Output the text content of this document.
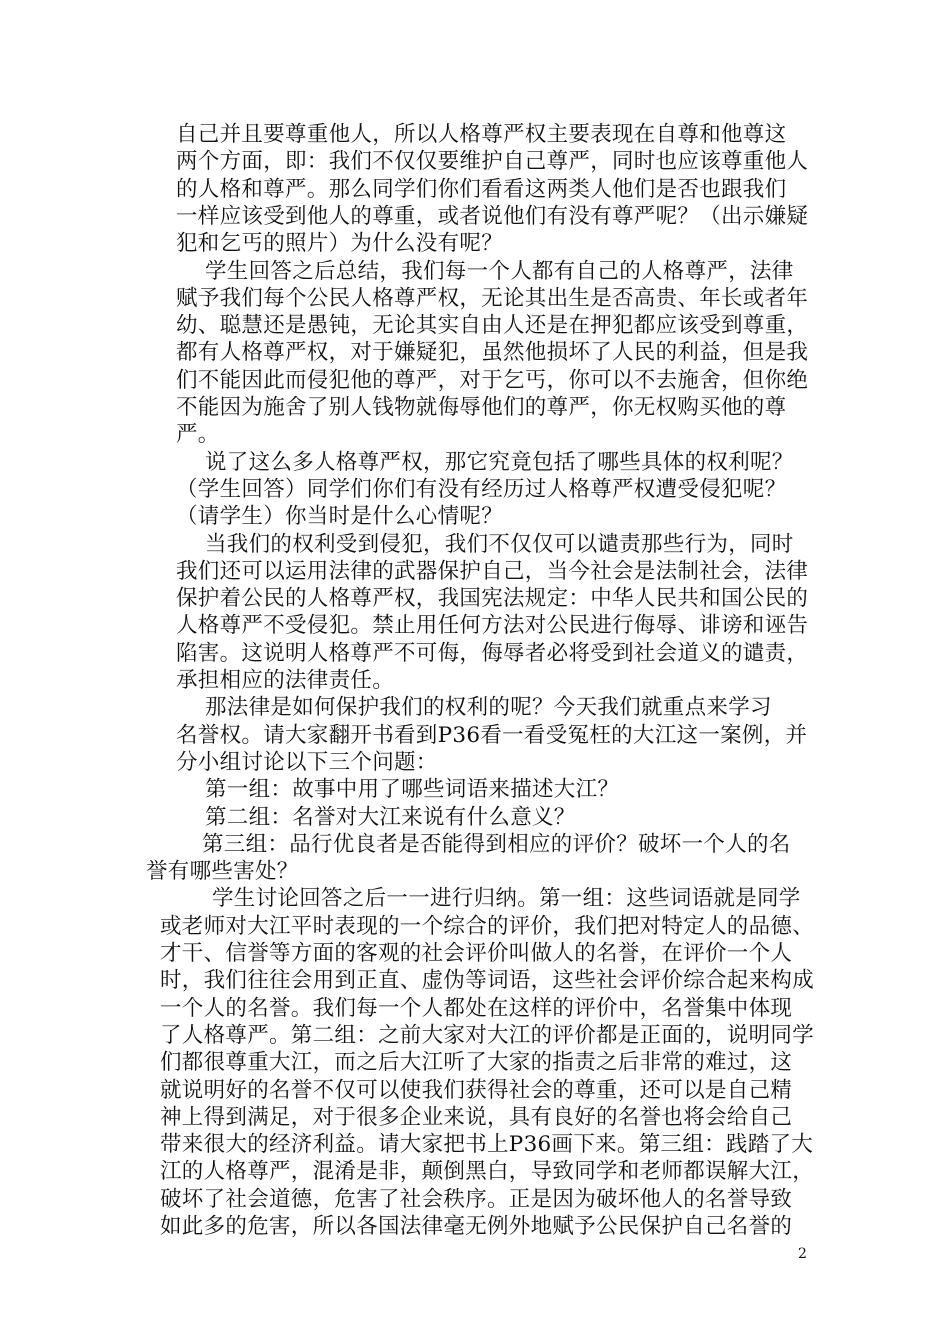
自己并且要尊重他人，所以人格尊严权主要表现在自尊和他尊这
两个方面，即：我们不仅仅要维护自己尊严，同时也应该尊重他人
的人格和尊严。那么同学们你们看看这两类人他们是否也跟我们
一样应该受到他人的尊重，或者说他们有没有尊严呢？（出示嫌疑
犯和乞丐的照片）为什么没有呢？
学生回答之后总结，我们每一个人都有自己的人格尊严，法律
赋予我们每个公民人格尊严权，无论其出生是否高贵、年长或者年
幼、聪慧还是愚钝，无论其实自由人还是在押犯都应该受到尊重，
都有人格尊严权，对于嫌疑犯，虽然他损坏了人民的利益，但是我
们不能因此而侵犯他的尊严，对于乞丐，你可以不去施舍，但你绝
不能因为施舍了别人钱物就侮辱他们的尊严，你无权购买他的尊
严。
说了这么多人格尊严权，那它究竟包括了哪些具体的权利呢？
（学生回答）同学们你们有没有经历过人格尊严权遭受侵犯呢？
（请学生）你当时是什么心情呢？
当我们的权利受到侵犯，我们不仅仅可以谴责那些行为，同时
我们还可以运用法律的武器保护自己，当今社会是法制社会，法律
保护着公民的人格尊严权，我国宪法规定：中华人民共和国公民的
人格尊严不受侵犯。禁止用任何方法对公民进行侮辱、诽谤和诬告
陷害。这说明人格尊严不可侮，侮辱者必将受到社会道义的谴责，
承担相应的法律责任。
那法律是如何保护我们的权利的呢？今天我们就重点来学习
名誉权。请大家翻开书看到P36看一看受冤枉的大江这一案例，并
分小组讨论以下三个问题：
第一组：故事中用了哪些词语来描述大江？
第二组：名誉对大江来说有什么意义？
第三组：品行优良者是否能得到相应的评价？破坏一个人的名
誉有哪些害处？
学生讨论回答之后一一进行归纳。第一组：这些词语就是同学
或老师对大江平时表现的一个综合的评价，我们把对特定人的品德、
才干、信誉等方面的客观的社会评价叫做人的名誉，在评价一个人
时，我们往往会用到正直、虚伪等词语，这些社会评价综合起来构成
一个人的名誉。我们每一个人都处在这样的评价中，名誉集中体现
了人格尊严。第二组：之前大家对大江的评价都是正面的，说明同学
们都很尊重大江，而之后大江听了大家的指责之后非常的难过，这
就说明好的名誉不仅可以使我们获得社会的尊重，还可以是自己精
神上得到满足，对于很多企业来说，具有良好的名誉也将会给自己
带来很大的经济利益。请大家把书上P36画下来。第三组：践踏了大
江的人格尊严，混淆是非，颠倒黑白，导致同学和老师都误解大江，
破坏了社会道德，危害了社会秩序。正是因为破坏他人的名誉导致
如此多的危害，所以各国法律毫无例外地赋予公民保护自己名誉的
2
